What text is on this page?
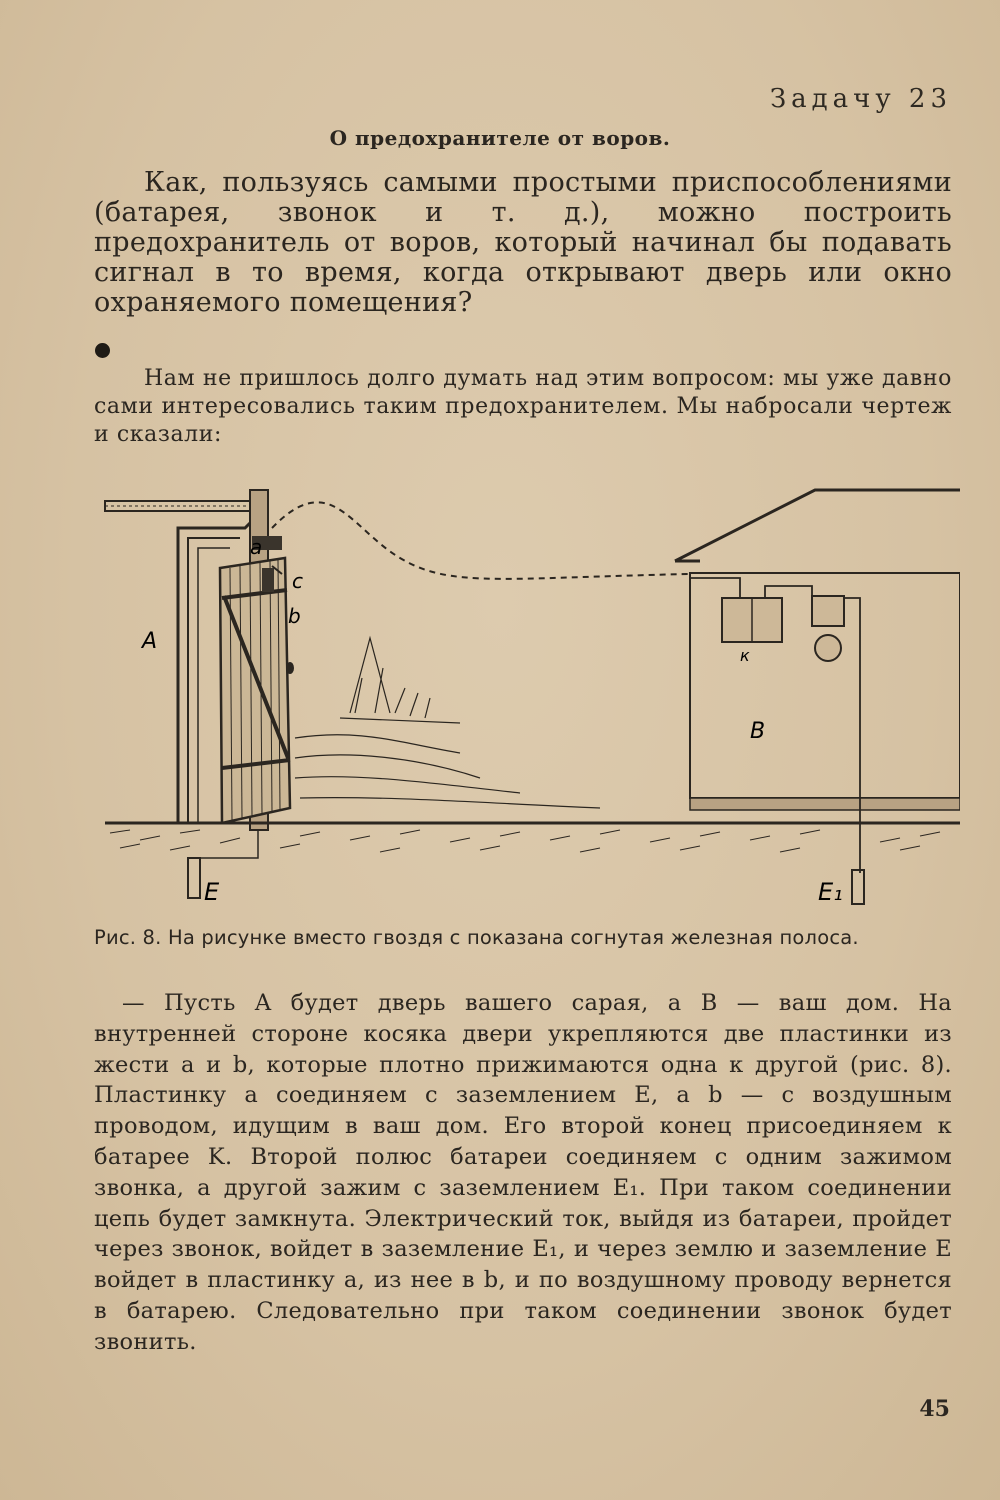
Задачу 23
О предохранителе от воров.
Как, пользуясь самыми простыми приспособлениями (батарея, звонок и т. д.), можно построить предохранитель от воров, который начинал бы подавать сигнал в то время, когда открывают дверь или окно охраняемого помещения?
Нам не пришлось долго думать над этим вопросом: мы уже давно сами интересовались таким предохранителем. Мы набросали чертеж и сказали:
a
c
b
A
B
к
E	E₁
Рис. 8. На рисунке вместо гвоздя c показана согнутая железная полоса.

— Пусть A будет дверь вашего сарая, а B — ваш дом. На внутренней стороне косяка двери укрепляются две пластинки из жести a и b, которые плотно прижимаются одна к другой (рис. 8). Пластинку a соединяем с заземлением E, а b — с воздушным проводом, идущим в ваш дом. Его второй конец присоединяем к батарее K. Второй полюс батареи соединяем с одним зажимом звонка, а другой зажим с заземлением E₁. При таком соединении цепь будет замкнута. Электрический ток, выйдя из батареи, пройдет через звонок, войдет в заземление E₁, и через землю и заземление E войдет в пластинку a, из нее в b, и по воздушному проводу вернется в батарею. Следовательно при таком соединении звонок будет звонить.

45
